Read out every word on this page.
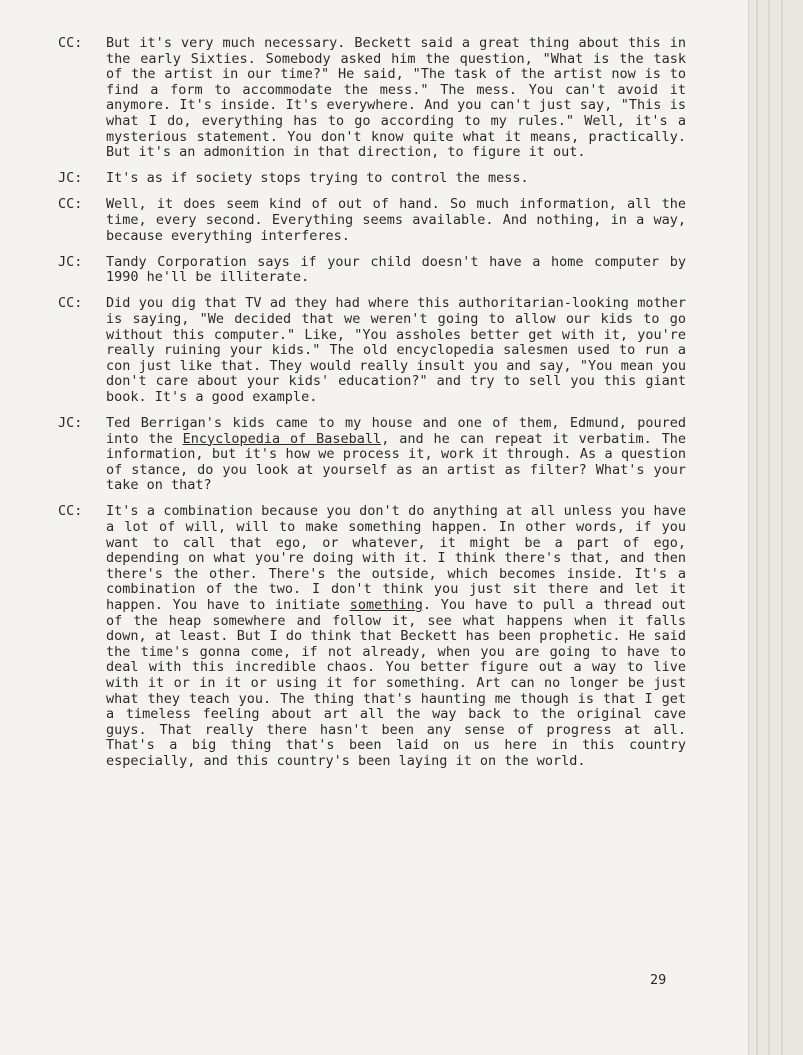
CC:	But it's very much necessary. Beckett said a great thing about this in the early Sixties. Somebody asked him the question, "What is the task of the artist in our time?" He said, "The task of the artist now is to find a form to accommodate the mess." The mess. You can't avoid it anymore. It's inside. It's everywhere. And you can't just say, "This is what I do, everything has to go according to my rules." Well, it's a mysterious statement. You don't know quite what it means, practically. But it's an admonition in that direction, to figure it out.
JC:	It's as if society stops trying to control the mess.
CC:	Well, it does seem kind of out of hand. So much information, all the time, every second. Everything seems available. And nothing, in a way, because everything interferes.
JC:	Tandy Corporation says if your child doesn't have a home computer by 1990 he'll be illiterate.
CC:	Did you dig that TV ad they had where this authoritarian-looking mother is saying, "We decided that we weren't going to allow our kids to go without this computer." Like, "You assholes better get with it, you're really ruining your kids." The old encyclopedia salesmen used to run a con just like that. They would really insult you and say, "You mean you don't care about your kids' education?" and try to sell you this giant book. It's a good example.
JC:	Ted Berrigan's kids came to my house and one of them, Edmund, poured into the Encyclopedia of Baseball, and he can repeat it verbatim. The information, but it's how we process it, work it through. As a question of stance, do you look at yourself as an artist as filter? What's your take on that?
CC:	It's a combination because you don't do anything at all unless you have a lot of will, will to make something happen. In other words, if you want to call that ego, or whatever, it might be a part of ego, depending on what you're doing with it. I think there's that, and then there's the other. There's the outside, which becomes inside. It's a combination of the two. I don't think you just sit there and let it happen. You have to initiate something. You have to pull a thread out of the heap somewhere and follow it, see what happens when it falls down, at least. But I do think that Beckett has been prophetic. He said the time's gonna come, if not already, when you are going to have to deal with this incredible chaos. You better figure out a way to live with it or in it or using it for something. Art can no longer be just what they teach you. The thing that's haunting me though is that I get a timeless feeling about art all the way back to the original cave guys. That really there hasn't been any sense of progress at all. That's a big thing that's been laid on us here in this country especially, and this country's been laying it on the world.
29
